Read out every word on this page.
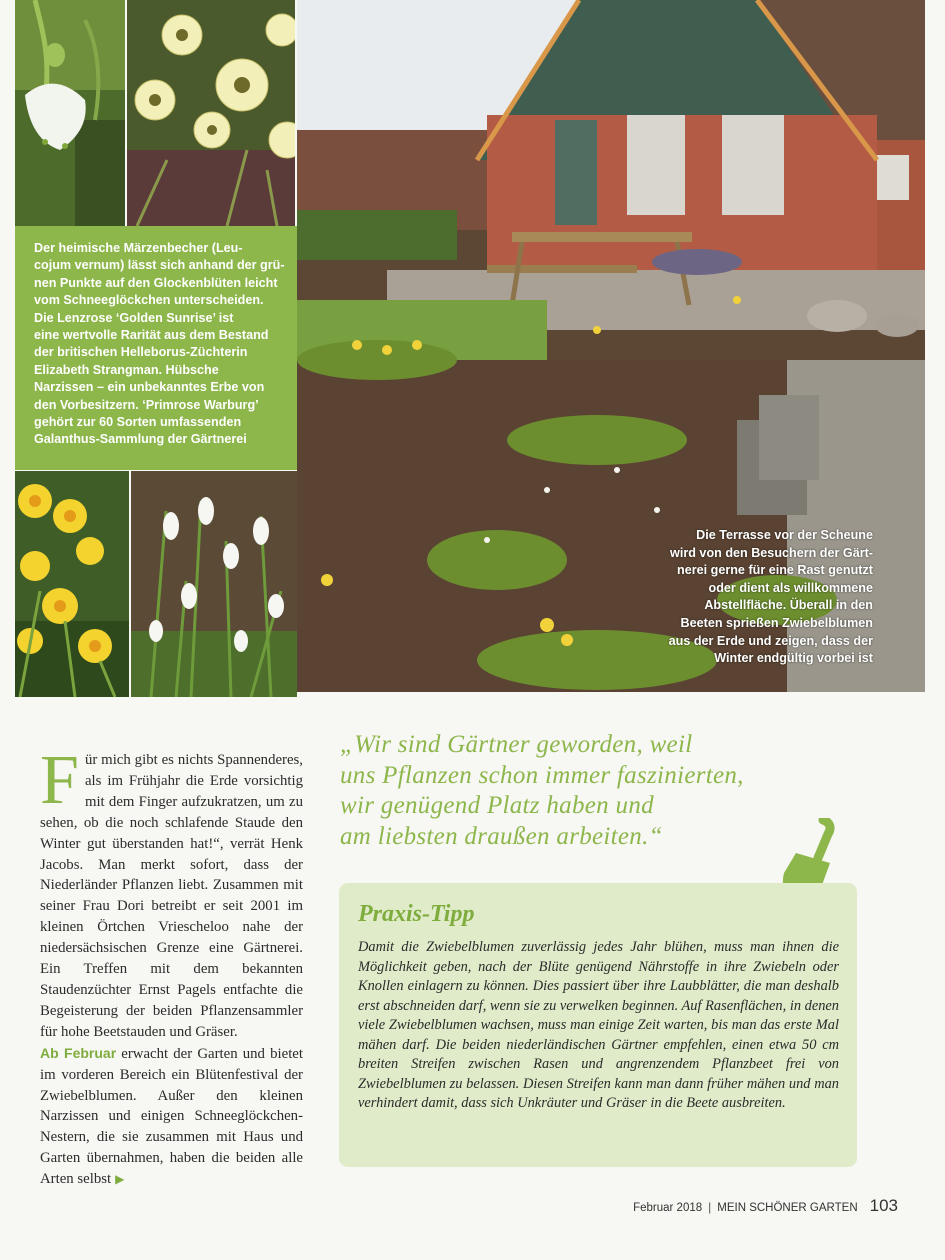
Der heimische Märzenbecher (Leu-

cojum vernum) lässt sich anhand der grü-

nen Punkte auf den Glockenblüten leicht

vom Schneeglöckchen unterscheiden.

Die Lenzrose ‘Golden Sunrise’ ist

eine wertvolle Rarität aus dem Bestand

der britischen Helleborus-Züchterin

Elizabeth Strangman. Hübsche

Narzissen – ein unbekanntes Erbe von

den Vorbesitzern. ‘Primrose Warburg’

gehört zur 60 Sorten umfassenden

Galanthus-Sammlung der Gärtnerei

Die Terrasse vor der Scheune
wird von den Besuchern der Gärt-
nerei gerne für eine Rast genutzt
oder dient als willkommene
Abstellfläche. Überall in den
Beeten sprießen Zwiebelblumen
aus der Erde und zeigen, dass der
Winter endgültig vorbei ist

Für mich gibt es nichts Spannenderes, als im Frühjahr die Erde vorsichtig mit dem Finger aufzukratzen, um zu sehen, ob die noch schlafende Staude den Winter gut überstanden hat!“, verrät Henk Jacobs. Man merkt sofort, dass der Niederländer Pflanzen liebt. Zusammen mit seiner Frau Dori betreibt er seit 2001 im kleinen Örtchen Vriescheloo nahe der niedersächsischen Grenze eine Gärtnerei. Ein Treffen mit dem bekannten Staudenzüchter Ernst Pagels entfachte die Begeisterung der beiden Pflanzensammler für hohe Beetstauden und Gräser.

Ab Februar erwacht der Garten und bietet im vorderen Bereich ein Blütenfestival der Zwiebelblumen. Außer den kleinen Narzissen und einigen Schneeglöckchen-Nestern, die sie zusammen mit Haus und Garten übernahmen, haben die beiden alle Arten selbst ▶

„Wir sind Gärtner geworden, weil
uns Pflanzen schon immer faszinierten,
wir genügend Platz haben und
am liebsten draußen arbeiten.“
Praxis-Tipp

Damit die Zwiebelblumen zuverlässig jedes Jahr blühen, muss man ihnen die Möglichkeit geben, nach der Blüte genügend Nährstoffe in ihre Zwiebeln oder Knollen einlagern zu können. Dies passiert über ihre Laubblätter, die man deshalb erst abschneiden darf, wenn sie zu verwelken beginnen. Auf Rasenflächen, in denen viele Zwiebelblumen wachsen, muss man einige Zeit warten, bis man das erste Mal mähen darf. Die beiden niederländischen Gärtner empfehlen, einen etwa 50 cm breiten Streifen zwischen Rasen und angrenzendem Pflanzbeet frei von Zwiebelblumen zu belassen. Diesen Streifen kann man dann früher mähen und man verhindert damit, dass sich Unkräuter und Gräser in die Beete ausbreiten.

Februar 2018 | MEIN SCHÖNER GARTEN 103
